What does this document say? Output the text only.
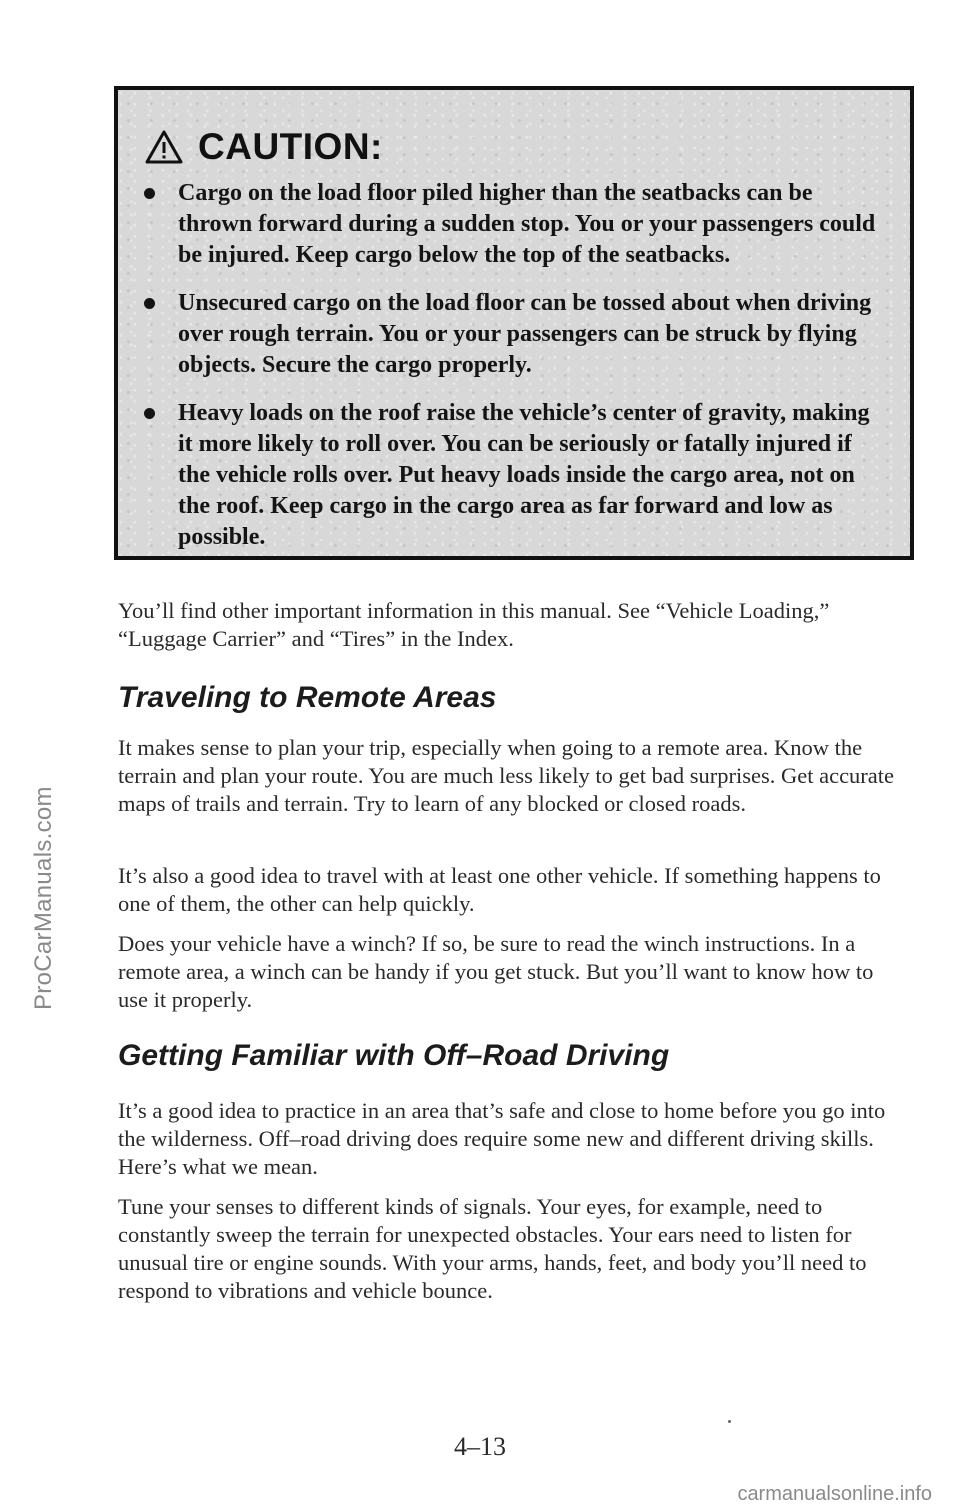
ProCarManuals.com
CAUTION:
Cargo on the load floor piled higher than the seatbacks can be thrown forward during a sudden stop. You or your passengers could be injured. Keep cargo below the top of the seatbacks.
Unsecured cargo on the load floor can be tossed about when driving over rough terrain. You or your passengers can be struck by flying objects. Secure the cargo properly.
Heavy loads on the roof raise the vehicle’s center of gravity, making it more likely to roll over. You can be seriously or fatally injured if the vehicle rolls over. Put heavy loads inside the cargo area, not on the roof. Keep cargo in the cargo area as far forward and low as possible.

You’ll find other important information in this manual. See “Vehicle Loading,” “Luggage Carrier” and “Tires” in the Index.

Traveling to Remote Areas

It makes sense to plan your trip, especially when going to a remote area. Know the terrain and plan your route. You are much less likely to get bad surprises. Get accurate maps of trails and terrain. Try to learn of any blocked or closed roads.

It’s also a good idea to travel with at least one other vehicle. If something happens to one of them, the other can help quickly.

Does your vehicle have a winch? If so, be sure to read the winch instructions. In a remote area, a winch can be handy if you get stuck. But you’ll want to know how to use it properly.

Getting Familiar with Off–Road Driving

It’s a good idea to practice in an area that’s safe and close to home before you go into the wilderness. Off–road driving does require some new and different driving skills. Here’s what we mean.

Tune your senses to different kinds of signals. Your eyes, for example, need to constantly sweep the terrain for unexpected obstacles. Your ears need to listen for unusual tire or engine sounds. With your arms, hands, feet, and body you’ll need to respond to vibrations and vehicle bounce.

4–13
carmanualsonline.info
